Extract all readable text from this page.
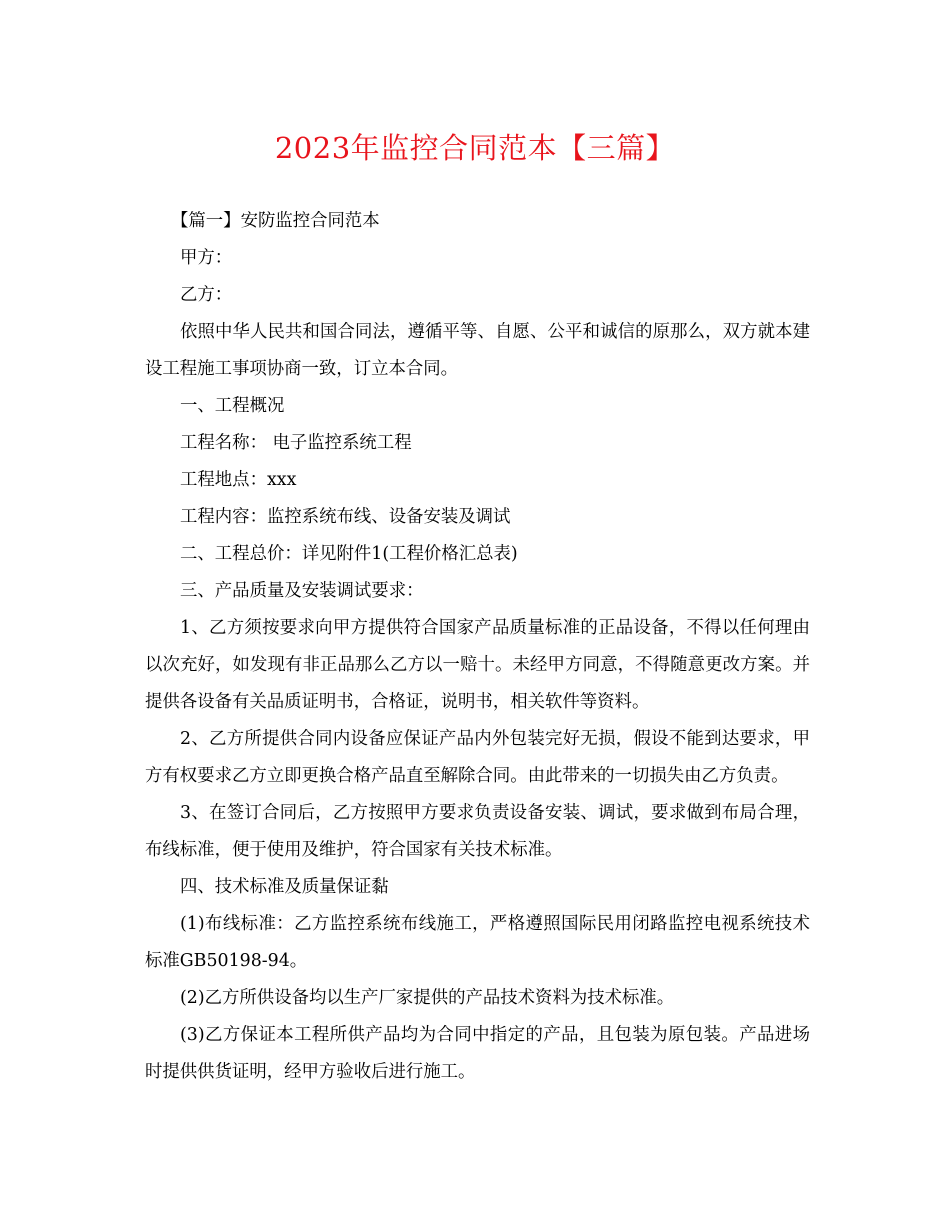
2023年监控合同范本【三篇】

【篇一】安防监控合同范本

甲方：

乙方：

依照中华人民共和国合同法，遵循平等、自愿、公平和诚信的原那么，双方就本建设工程施工事项协商一致，订立本合同。

一、工程概况

工程名称： 电子监控系统工程

工程地点：xxx

工程内容：监控系统布线、设备安装及调试

二、工程总价：详见附件1(工程价格汇总表)

三、产品质量及安装调试要求：

1、乙方须按要求向甲方提供符合国家产品质量标准的正品设备，不得以任何理由以次充好，如发现有非正品那么乙方以一赔十。未经甲方同意，不得随意更改方案。并提供各设备有关品质证明书，合格证，说明书，相关软件等资料。

2、乙方所提供合同内设备应保证产品内外包装完好无损，假设不能到达要求，甲方有权要求乙方立即更换合格产品直至解除合同。由此带来的一切损失由乙方负责。

3、在签订合同后，乙方按照甲方要求负责设备安装、调试，要求做到布局合理，布线标准，便于使用及维护，符合国家有关技术标准。

四、技术标准及质量保证黏

(1)布线标准：乙方监控系统布线施工，严格遵照国际民用闭路监控电视系统技术标准GB50198-94。

(2)乙方所供设备均以生产厂家提供的产品技术资料为技术标准。

(3)乙方保证本工程所供产品均为合同中指定的产品，且包装为原包装。产品进场时提供供货证明，经甲方验收后进行施工。
